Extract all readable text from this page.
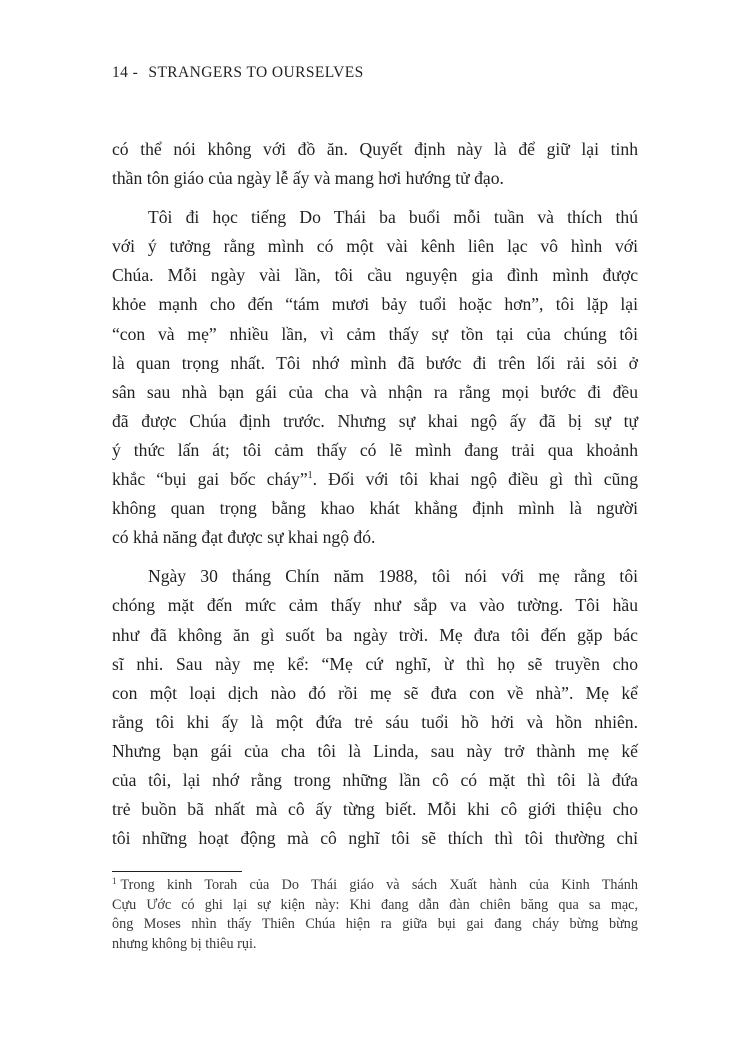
14 - STRANGERS TO OURSELVES

có thể nói không với đồ ăn. Quyết định này là để giữ lại tinh
thần tôn giáo của ngày lễ ấy và mang hơi hướng tử đạo.

Tôi đi học tiếng Do Thái ba buổi mỗi tuần và thích thú
với ý tưởng rằng mình có một vài kênh liên lạc vô hình với
Chúa. Mỗi ngày vài lần, tôi cầu nguyện gia đình mình được
khỏe mạnh cho đến “tám mươi bảy tuổi hoặc hơn”, tôi lặp lại
“con và mẹ” nhiều lần, vì cảm thấy sự tồn tại của chúng tôi
là quan trọng nhất. Tôi nhớ mình đã bước đi trên lối rải sỏi ở
sân sau nhà bạn gái của cha và nhận ra rằng mọi bước đi đều
đã được Chúa định trước. Nhưng sự khai ngộ ấy đã bị sự tự
ý thức lấn át; tôi cảm thấy có lẽ mình đang trải qua khoảnh
khắc “bụi gai bốc cháy”$^1$. Đối với tôi khai ngộ điều gì thì cũng
không quan trọng bằng khao khát khẳng định mình là người
có khả năng đạt được sự khai ngộ đó.

Ngày 30 tháng Chín năm 1988, tôi nói với mẹ rằng tôi
chóng mặt đến mức cảm thấy như sắp va vào tường. Tôi hầu
như đã không ăn gì suốt ba ngày trời. Mẹ đưa tôi đến gặp bác
sĩ nhi. Sau này mẹ kể: “Mẹ cứ nghĩ, ừ thì họ sẽ truyền cho
con một loại dịch nào đó rồi mẹ sẽ đưa con về nhà”. Mẹ kể
rằng tôi khi ấy là một đứa trẻ sáu tuổi hồ hởi và hồn nhiên.
Nhưng bạn gái của cha tôi là Linda, sau này trở thành mẹ kế
của tôi, lại nhớ rằng trong những lần cô có mặt thì tôi là đứa
trẻ buồn bã nhất mà cô ấy từng biết. Mỗi khi cô giới thiệu cho
tôi những hoạt động mà cô nghĩ tôi sẽ thích thì tôi thường chỉ

$^1$ Trong kinh Torah của Do Thái giáo và sách Xuất hành của Kinh Thánh
Cựu Ước có ghi lại sự kiện này: Khi đang dẫn đàn chiên băng qua sa mạc,
ông Moses nhìn thấy Thiên Chúa hiện ra giữa bụi gai đang cháy bừng bừng
nhưng không bị thiêu rụi.
